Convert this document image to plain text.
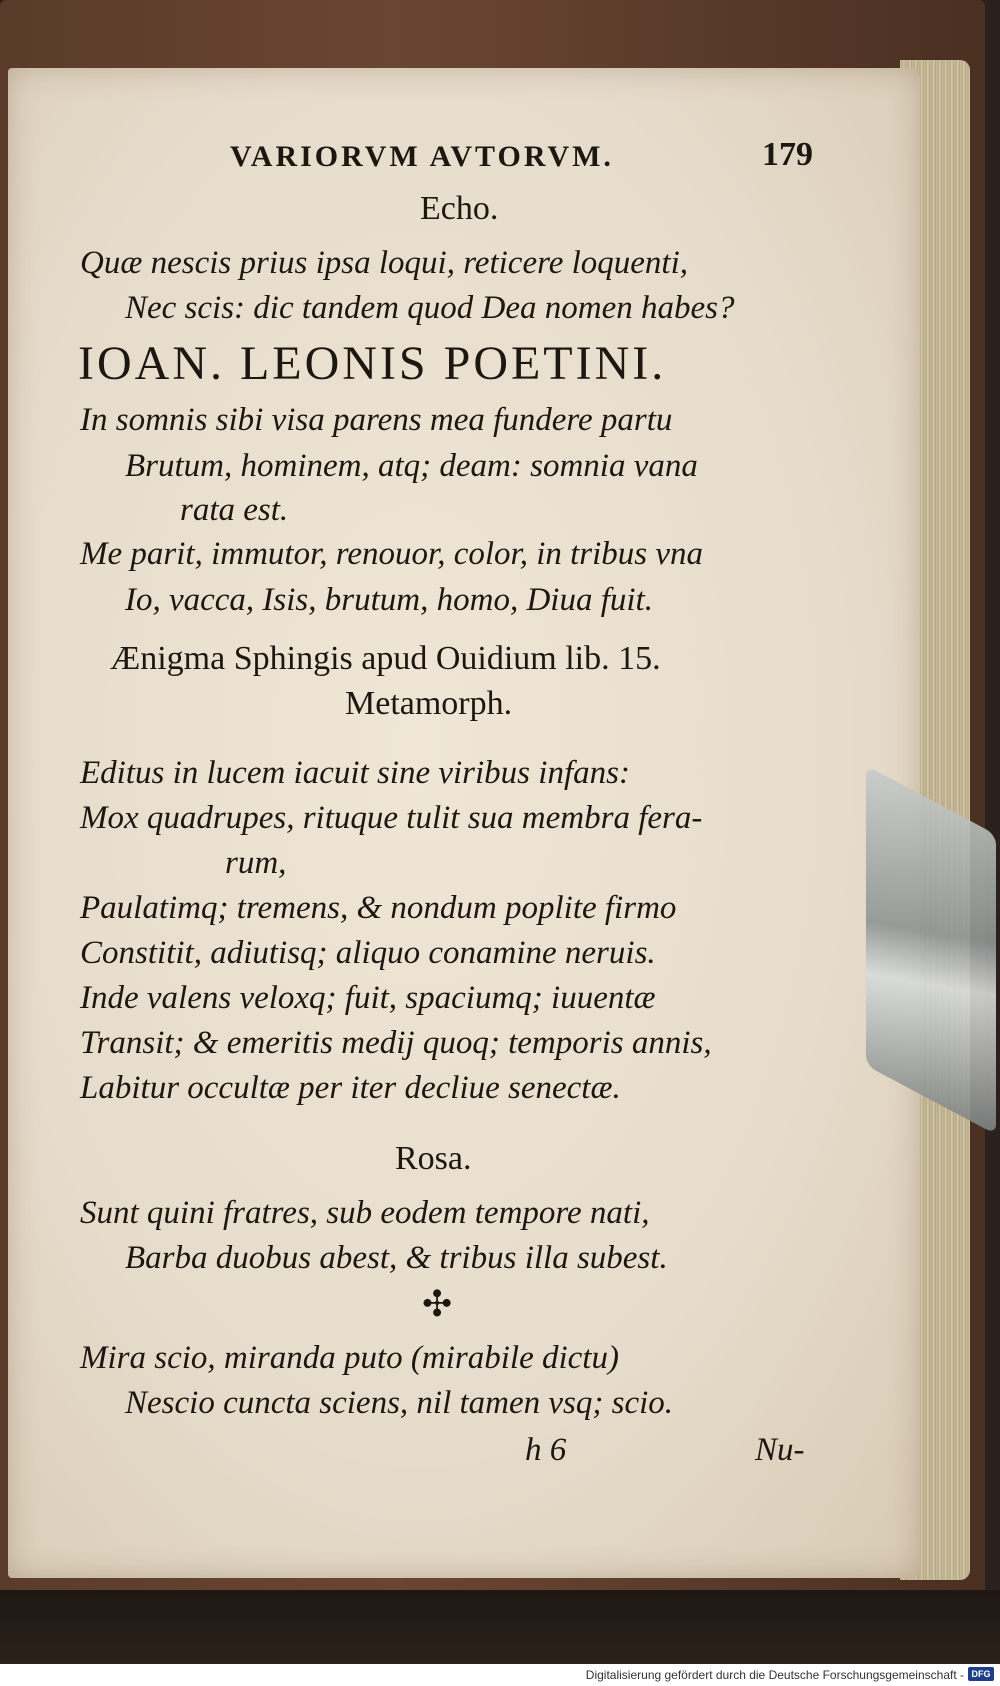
VARIORVM AVTORVM.	179
Echo.
Quæ nescis prius ipsa loqui, reticere loquenti,
Nec scis: dic tandem quod Dea nomen habes?
IOAN. LEONIS POETINI.
In somnis sibi visa parens mea fundere partu
Brutum, hominem, atq; deam: somnia vana
rata est.
Me parit, immutor, renouor, color, in tribus vna
Io, vacca, Isis, brutum, homo, Diua fuit.
Ænigma Sphingis apud Ouidium lib. 15.
Metamorph.
Editus in lucem iacuit sine viribus infans:
Mox quadrupes, rituque tulit sua membra fera-
rum,
Paulatimq; tremens, & nondum poplite firmo
Constitit, adiutisq; aliquo conamine neruis.
Inde valens veloxq; fuit, spaciumq; iuuentæ
Transit; & emeritis medij quoq; temporis annis,
Labitur occultæ per iter decliue senectæ.
Rosa.
Sunt quini fratres, sub eodem tempore nati,
Barba duobus abest, & tribus illa subest.
✣
Mira scio, miranda puto (mirabile dictu)
Nescio cuncta sciens, nil tamen vsq; scio.
h 6	Nu-
Digitalisierung gefördert durch die Deutsche Forschungsgemeinschaft - DFG
